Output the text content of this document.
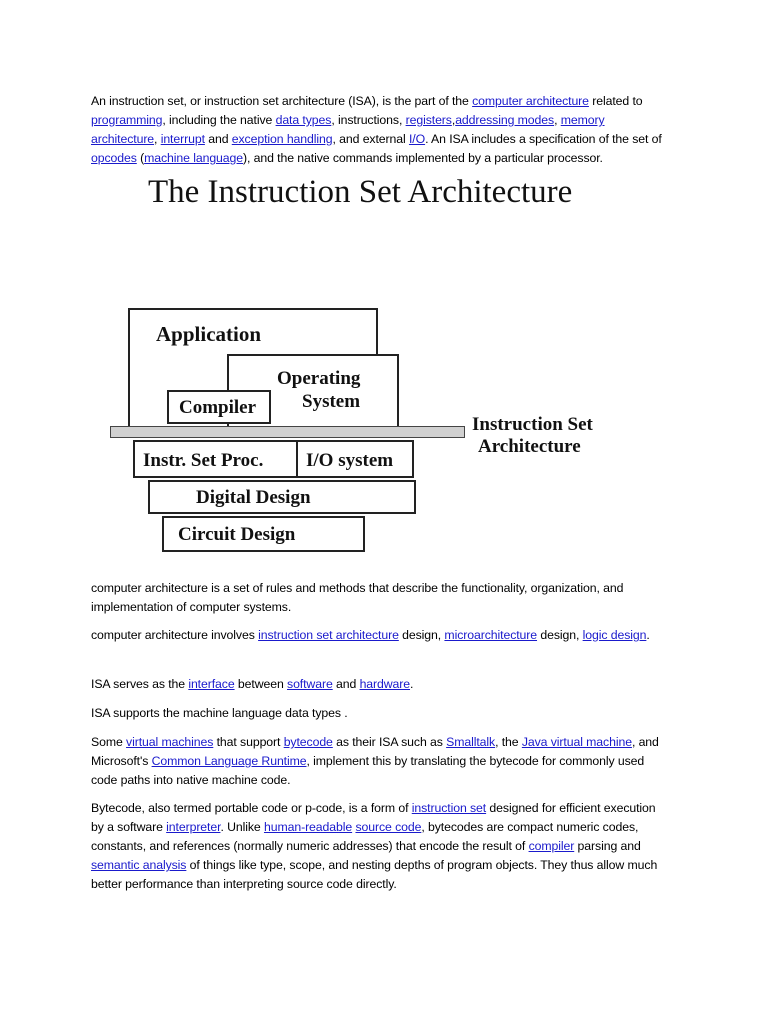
An instruction set, or instruction set architecture (ISA), is the part of the computer architecture related to programming, including the native data types, instructions, registers,addressing modes, memory architecture, interrupt and exception handling, and external I/O. An ISA includes a specification of the set of opcodes (machine language), and the native commands implemented by a particular processor.

The Instruction Set Architecture
Application
Operating
System
Compiler

Instruction Set
Architecture

Instr. Set Proc. I/O system
Digital Design
Circuit Design

computer architecture is a set of rules and methods that describe the functionality, organization, and implementation of computer systems.

computer architecture involves instruction set architecture design, microarchitecture design, logic design.

ISA serves as the interface between software and hardware.

ISA supports the machine language data types .

Some virtual machines that support bytecode as their ISA such as Smalltalk, the Java virtual machine, and Microsoft's Common Language Runtime, implement this by translating the bytecode for commonly used code paths into native machine code.

Bytecode, also termed portable code or p-code, is a form of instruction set designed for efficient execution by a software interpreter. Unlike human-readable source code, bytecodes are compact numeric codes, constants, and references (normally numeric addresses) that encode the result of compiler parsing and semantic analysis of things like type, scope, and nesting depths of program objects. They thus allow much better performance than interpreting source code directly.
